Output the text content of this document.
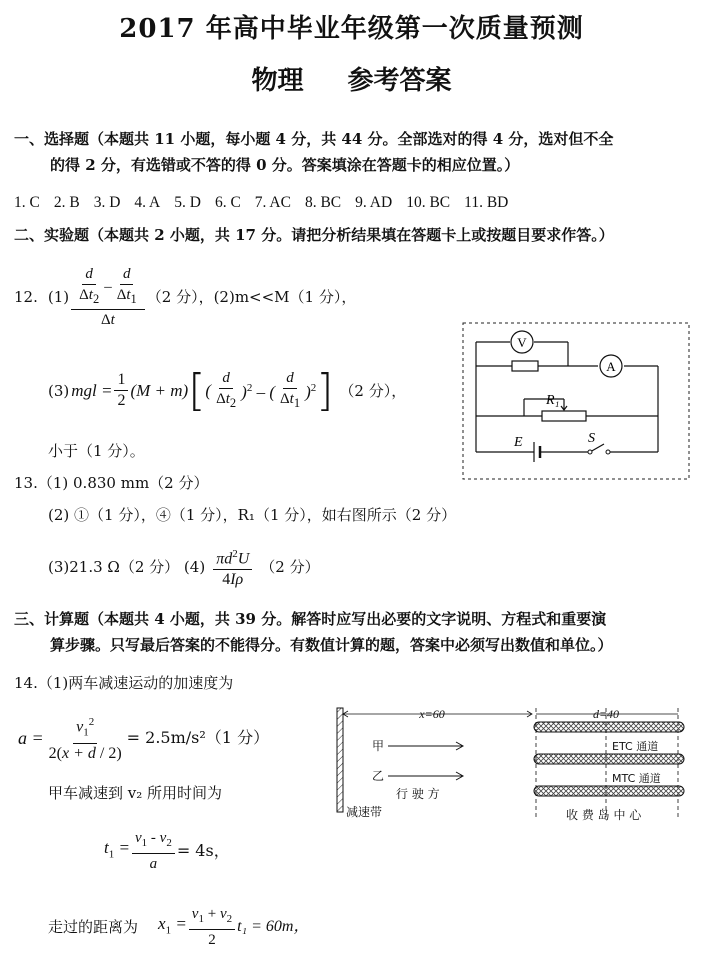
2017 年高中毕业年级第一次质量预测
物理 参考答案
一、选择题（本题共 11 小题，每小题 4 分，共 44 分。全部选对的得 4 分，选对但不全
的得 2 分，有选错或不答的得 0 分。答案填涂在答题卡的相应位置。）
1. C 2. B 3. D 4. A 5. D 6. C 7. AC 8. BC 9. AD 10. BC 11. BD
二、实验题（本题共 2 小题，共 17 分。请把分析结果填在答题卡上或按题目要求作答。）
12. $(1) \frac{\frac{d}{\Delta t_2} - \frac{d}{\Delta t_1}}{\Delta t} (2$ 分）， (2)m<<M（1 分），
(3) mgl = $\frac{1}{2} (M + m)$ [ ( $\frac{d}{\Delta t_2} )^2$ – ( $\frac{d}{\Delta t_1} )^2$ ] （2 分），
小于（1 分）。
V
A
R₁
E	S
13.（1) 0.830 mm（2 分）
(2) ①（1 分），④（1 分），R₁（1 分），如右图所示（2 分）
(3)21.3 Ω（2 分） $(4) \frac{\pi d^2U}{4I\rho} (2$ 分）
三、计算题（本题共 4 小题，共 39 分。解答时应写出必要的文字说明、方程式和重要演
算步骤。只写最后答案的不能得分。有数值计算的题，答案中必须写出数值和单位。）
14.（1)两车减速运动的加速度为
$a = \frac{v_1^2}{2(x + d / 2)} = 2.5m/s^2(1$ 分）
甲车减速到 v₂ 所用时间为
$t_1 = \frac{v_1 - v_2}{a} = 4s$，
走过的距离为 $x_1 = \frac{v_1 + v_2}{2} t_1 = 60m$，
x=60	d=40
ETC 通道
MTC 通道
甲
乙
行 驶 方
减速带	收 费 岛 中 心
